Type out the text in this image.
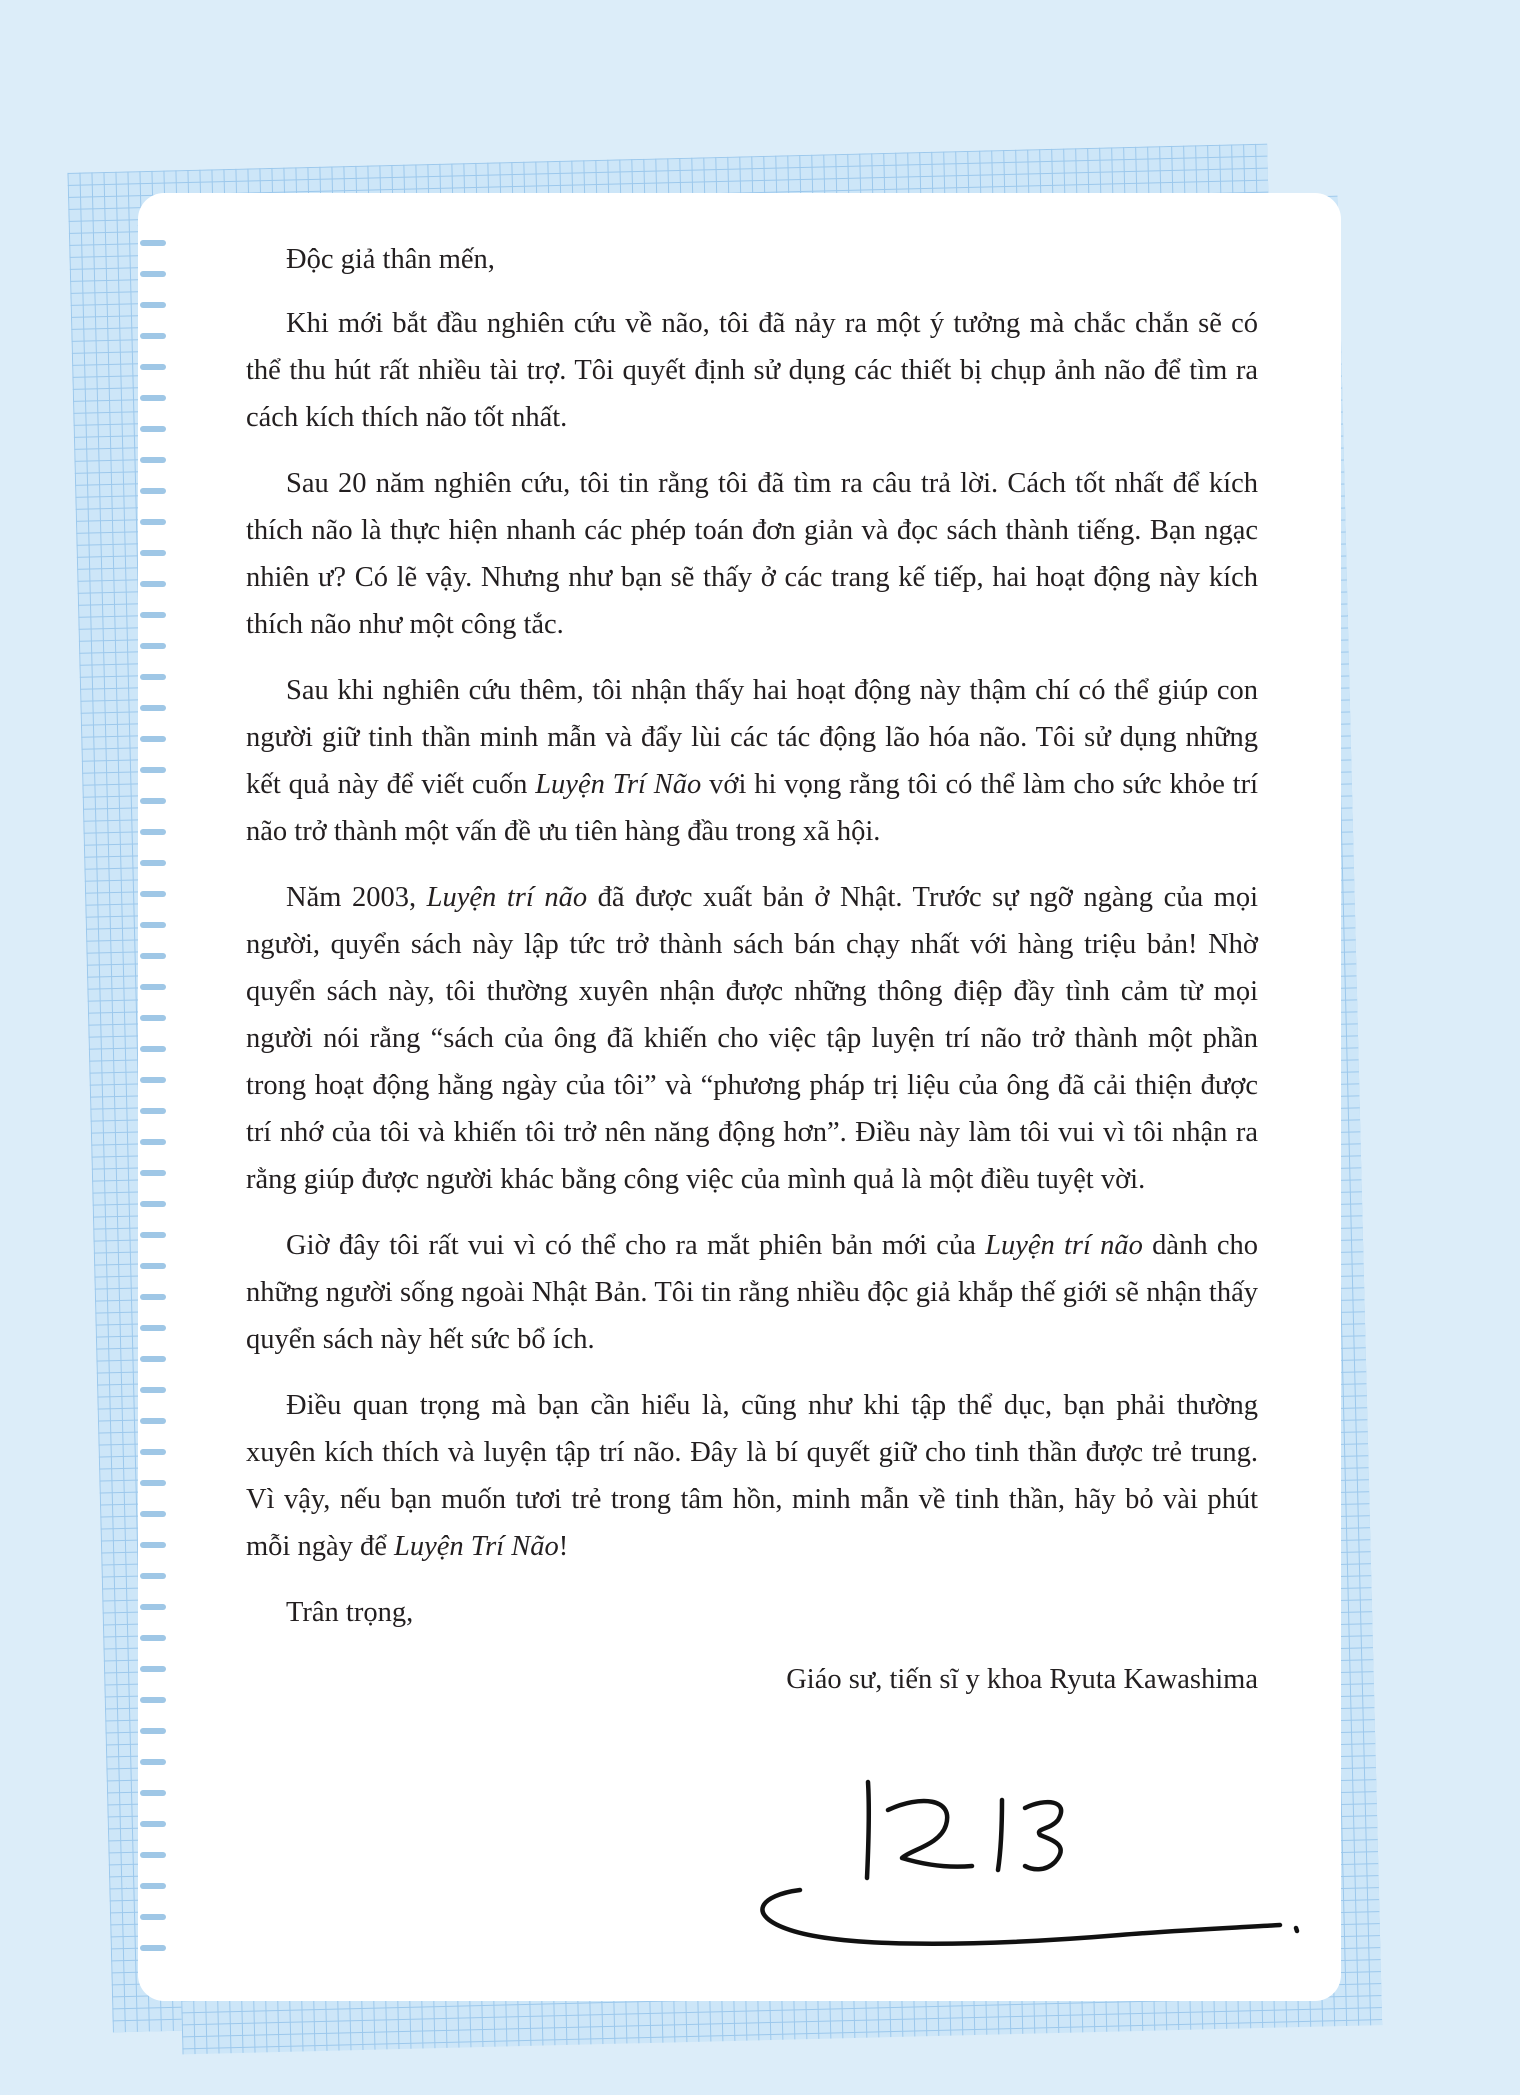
Độc giả thân mến,

Khi mới bắt đầu nghiên cứu về não, tôi đã nảy ra một ý tưởng mà chắc chắn sẽ có thể thu hút rất nhiều tài trợ. Tôi quyết định sử dụng các thiết bị chụp ảnh não để tìm ra cách kích thích não tốt nhất.

Sau 20 năm nghiên cứu, tôi tin rằng tôi đã tìm ra câu trả lời. Cách tốt nhất để kích thích não là thực hiện nhanh các phép toán đơn giản và đọc sách thành tiếng. Bạn ngạc nhiên ư? Có lẽ vậy. Nhưng như bạn sẽ thấy ở các trang kế tiếp, hai hoạt động này kích thích não như một công tắc.

Sau khi nghiên cứu thêm, tôi nhận thấy hai hoạt động này thậm chí có thể giúp con người giữ tinh thần minh mẫn và đẩy lùi các tác động lão hóa não. Tôi sử dụng những kết quả này để viết cuốn Luyện Trí Não với hi vọng rằng tôi có thể làm cho sức khỏe trí não trở thành một vấn đề ưu tiên hàng đầu trong xã hội.

Năm 2003, Luyện trí não đã được xuất bản ở Nhật. Trước sự ngỡ ngàng của mọi người, quyển sách này lập tức trở thành sách bán chạy nhất với hàng triệu bản! Nhờ quyển sách này, tôi thường xuyên nhận được những thông điệp đầy tình cảm từ mọi người nói rằng “sách của ông đã khiến cho việc tập luyện trí não trở thành một phần trong hoạt động hằng ngày của tôi” và “phương pháp trị liệu của ông đã cải thiện được trí nhớ của tôi và khiến tôi trở nên năng động hơn”. Điều này làm tôi vui vì tôi nhận ra rằng giúp được người khác bằng công việc của mình quả là một điều tuyệt vời.

Giờ đây tôi rất vui vì có thể cho ra mắt phiên bản mới của Luyện trí não dành cho những người sống ngoài Nhật Bản. Tôi tin rằng nhiều độc giả khắp thế giới sẽ nhận thấy quyển sách này hết sức bổ ích.

Điều quan trọng mà bạn cần hiểu là, cũng như khi tập thể dục, bạn phải thường xuyên kích thích và luyện tập trí não. Đây là bí quyết giữ cho tinh thần được trẻ trung. Vì vậy, nếu bạn muốn tươi trẻ trong tâm hồn, minh mẫn về tinh thần, hãy bỏ vài phút mỗi ngày để Luyện Trí Não!

Trân trọng,

Giáo sư, tiến sĩ y khoa Ryuta Kawashima
